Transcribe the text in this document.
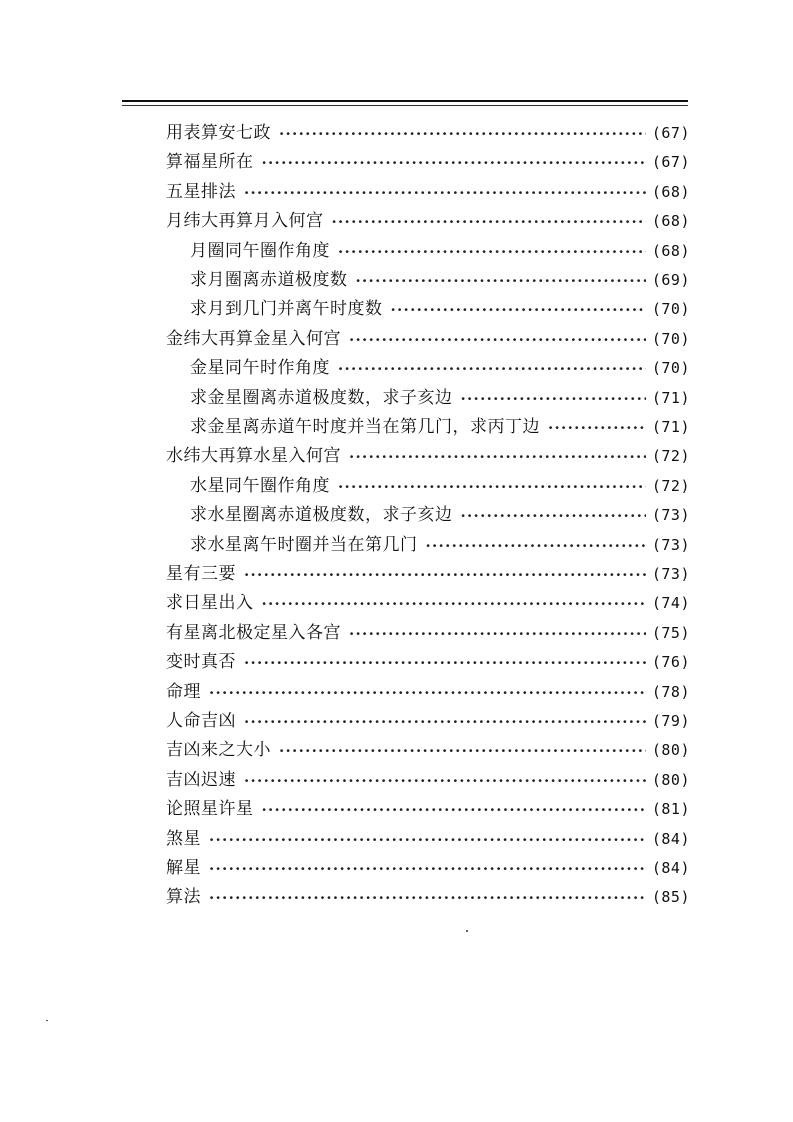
用表算安七政 ·····	(67)
算福星所在 ·····	(67)
五星排法 ·····	(68)
月纬大再算月入何宫 ·····	(68)
月圈同午圈作角度 ·····	(68)
求月圈离赤道极度数 ·····	(69)
求月到几门并离午时度数 ·····	(70)
金纬大再算金星入何宫 ·····	(70)
金星同午时作角度 ·····	(70)
求金星圈离赤道极度数，求子亥边 ·····	(71)
求金星离赤道午时度并当在第几门，求丙丁边 ·····	(71)
水纬大再算水星入何宫 ·····	(72)
水星同午圈作角度 ·····	(72)
求水星圈离赤道极度数，求子亥边 ·····	(73)
求水星离午时圈并当在第几门 ·····	(73)
星有三要 ·····	(73)
求日星出入 ·····	(74)
有星离北极定星入各宫 ·····	(75)
变时真否 ·····	(76)
命理 ·····	(78)
人命吉凶 ·····	(79)
吉凶来之大小 ·····	(80)
吉凶迟速 ·····	(80)
论照星许星 ·····	(81)
煞星 ·····	(84)
解星 ·····	(84)
算法 ·····	(85)
